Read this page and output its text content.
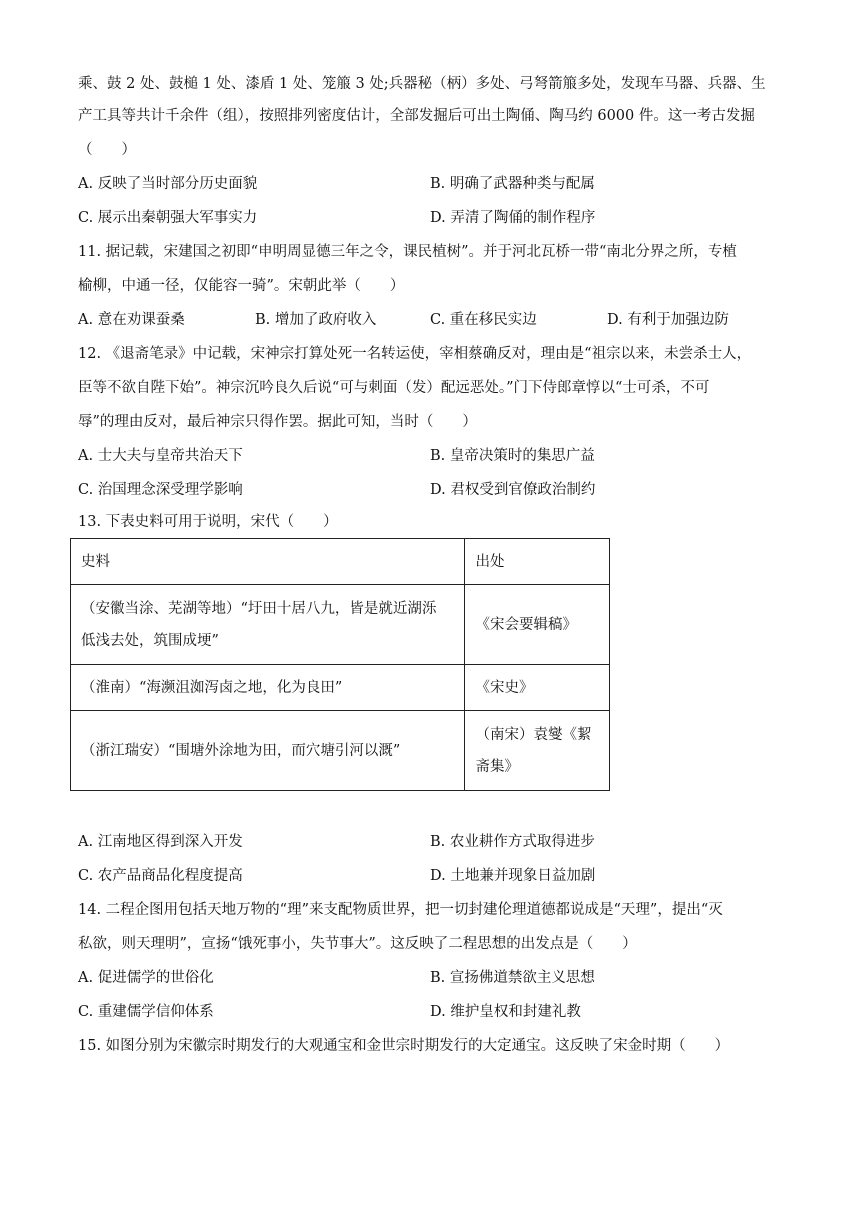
乘、鼓 2 处、鼓槌 1 处、漆盾 1 处、笼箙 3 处;兵器秘（柄）多处、弓弩箭箙多处，发现车马器、兵器、生
产工具等共计千余件（组），按照排列密度估计，全部发掘后可出土陶俑、陶马约 6000 件。这一考古发掘
（　　）
A. 反映了当时部分历史面貌	B. 明确了武器种类与配属
C. 展示出秦朝强大军事实力	D. 弄清了陶俑的制作程序
11. 据记载，宋建国之初即“申明周显德三年之令，课民植树”。并于河北瓦桥一带“南北分界之所，专植
榆柳，中通一径，仅能容一骑”。宋朝此举（　　）
A. 意在劝课蚕桑	B. 增加了政府收入	C. 重在移民实边	D. 有利于加强边防
12. 《退斋笔录》中记载，宋神宗打算处死一名转运使，宰相蔡确反对，理由是“祖宗以来，未尝杀士人，
臣等不欲自陛下始”。神宗沉吟良久后说“可与刺面（发）配远恶处。”门下侍郎章惇以“士可杀，不可
辱”的理由反对，最后神宗只得作罢。据此可知，当时（　　）
A. 士大夫与皇帝共治天下	B. 皇帝决策时的集思广益
C. 治国理念深受理学影响	D. 君权受到官僚政治制约
13. 下表史料可用于说明，宋代（　　）
史料	出处

（安徽当涂、芜湖等地）“圩田十居八九，皆是就近湖泺
低浅去处，筑围成埂”	《宋会要辑稿》

（淮南）“海濒沮洳泻卤之地，化为良田”	《宋史》

（浙江瑞安）“围塘外涂地为田，而穴塘引河以溉”	（南宋）袁燮《絜
斋集》
A. 江南地区得到深入开发	B. 农业耕作方式取得进步
C. 农产品商品化程度提高	D. 土地兼并现象日益加剧
14. 二程企图用包括天地万物的“理”来支配物质世界，把一切封建伦理道德都说成是“天理”，提出“灭
私欲，则天理明”，宣扬“饿死事小，失节事大”。这反映了二程思想的出发点是（　　）
A. 促进儒学的世俗化	B. 宣扬佛道禁欲主义思想
C. 重建儒学信仰体系	D. 维护皇权和封建礼教
15. 如图分别为宋徽宗时期发行的大观通宝和金世宗时期发行的大定通宝。这反映了宋金时期（　　）
